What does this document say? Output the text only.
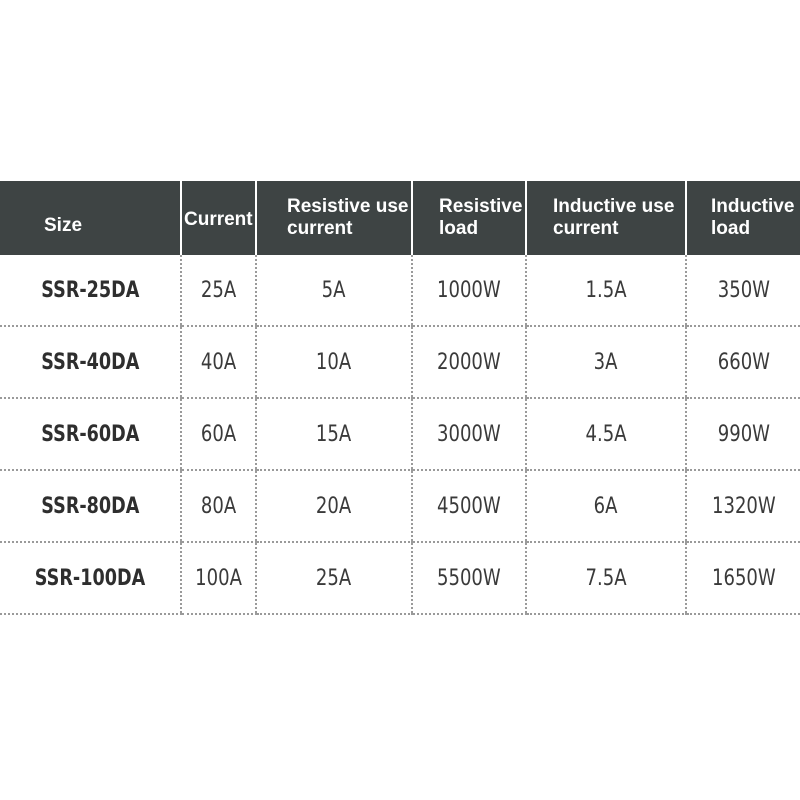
Size	Current	Resistive use current	Resistive load	Inductive use current	Inductive load
SSR-25DA	25A	5A	1000W	1.5A	350W
SSR-40DA	40A	10A	2000W	3A	660W
SSR-60DA	60A	15A	3000W	4.5A	990W
SSR-80DA	80A	20A	4500W	6A	1320W
SSR-100DA	100A	25A	5500W	7.5A	1650W
